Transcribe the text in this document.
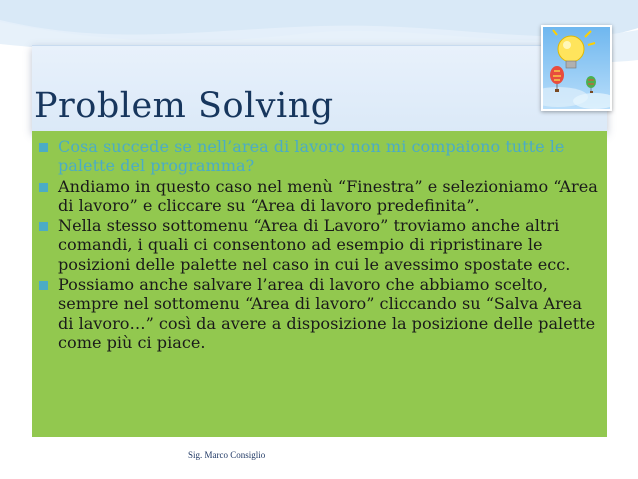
Problem Solving
Cosa succede se nell’area di lavoro non mi compaiono tutte le palette del programma?
Andiamo in questo caso nel menù “Finestra” e selezioniamo “Area di lavoro” e cliccare su “Area di lavoro predefinita”.
Nella stesso sottomenu “Area di Lavoro” troviamo anche altri comandi, i quali ci consentono ad esempio di ripristinare le posizioni delle palette nel caso in cui le avessimo spostate ecc.
Possiamo anche salvare l’area di lavoro che abbiamo scelto, sempre nel sottomenu “Area di lavoro” cliccando su “Salva Area di lavoro…” così da avere a disposizione la posizione delle palette come più ci piace.
Sig. Marco Consiglio
